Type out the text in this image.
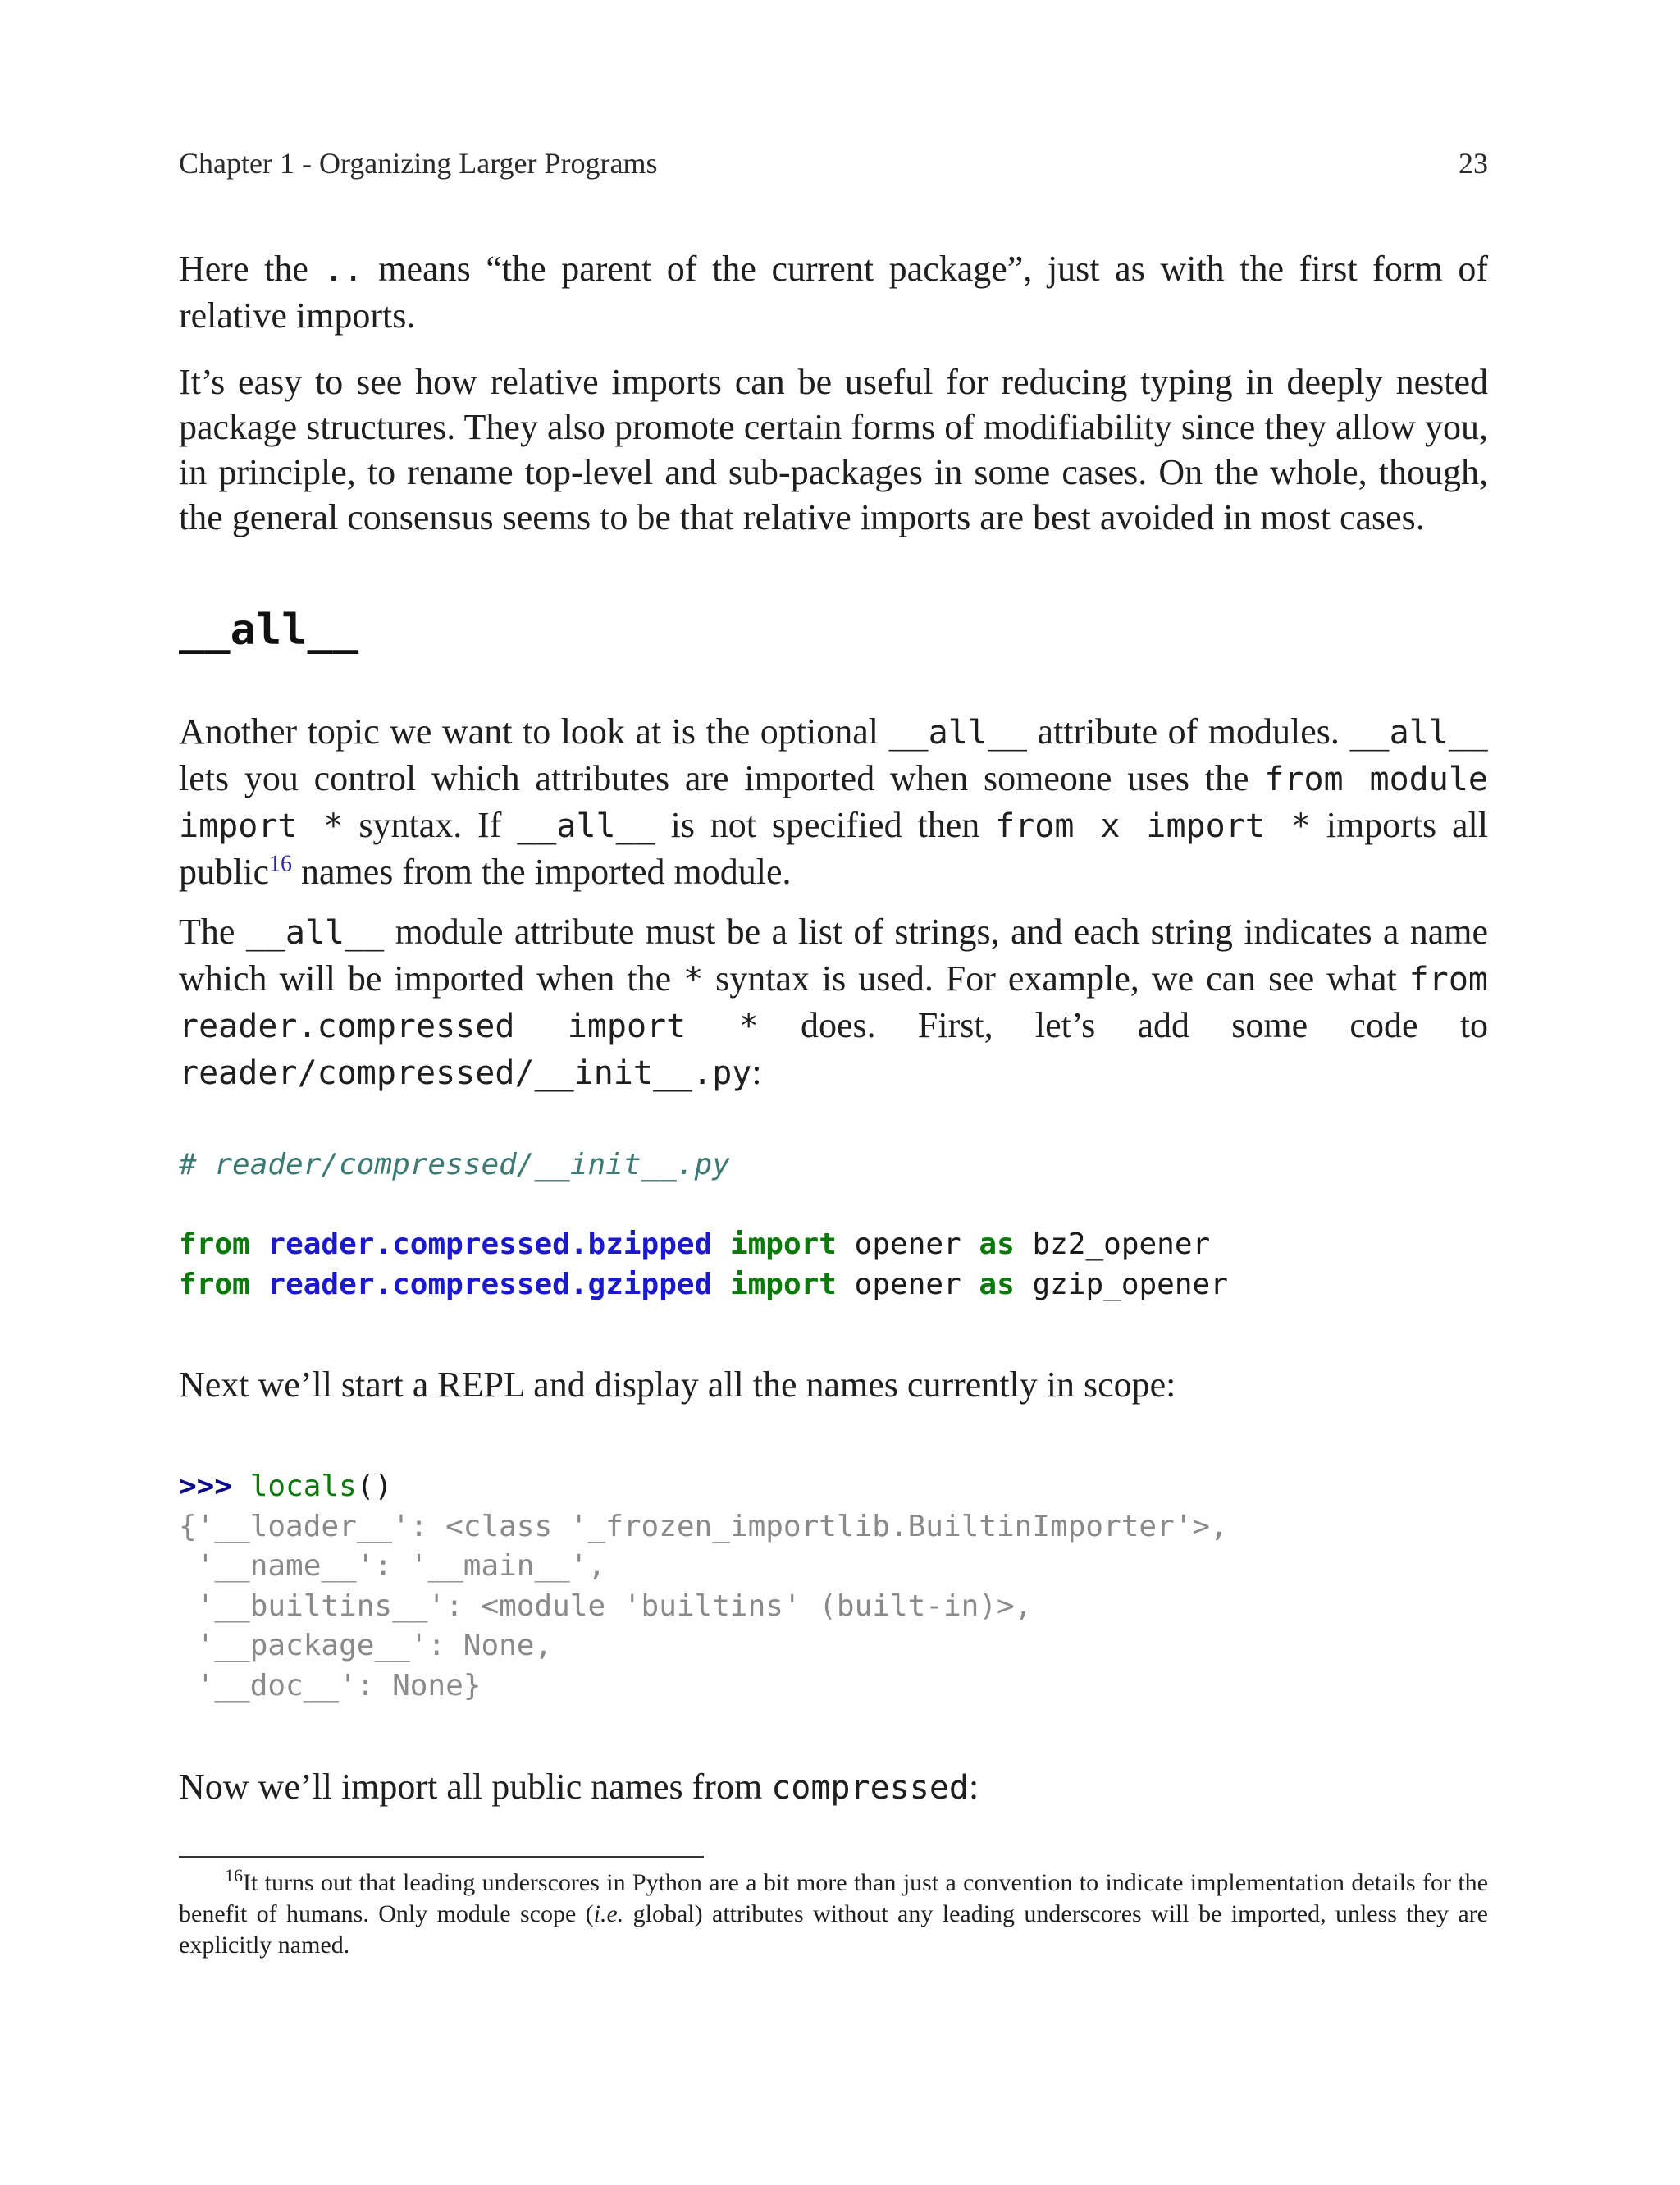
Chapter 1 - Organizing Larger Programs	23
Here the .. means “the parent of the current package”, just as with the first form of relative imports.
It’s easy to see how relative imports can be useful for reducing typing in deeply nested package structures. They also promote certain forms of modifiability since they allow you, in principle, to rename top-level and sub-packages in some cases. On the whole, though, the general consensus seems to be that relative imports are best avoided in most cases.
__all__
Another topic we want to look at is the optional __all__ attribute of modules. __all__ lets you control which attributes are imported when someone uses the from module import * syntax. If __all__ is not specified then from x import * imports all public$^{16}$ names from the imported module.
The __all__ module attribute must be a list of strings, and each string indicates a name which will be imported when the * syntax is used. For example, we can see what from reader.compressed import * does. First, let’s add some code to reader/compressed/__init__.py:
# reader/compressed/__init__.py

from reader.compressed.bzipped import opener as bz2_opener
from reader.compressed.gzipped import opener as gzip_opener
Next we’ll start a REPL and display all the names currently in scope:
>>> locals()
{'__loader__': <class '_frozen_importlib.BuiltinImporter'>,
'__name__': '__main__',
'__builtins__': <module 'builtins' (built-in)>,
'__package__': None,
'__doc__': None}
Now we’ll import all public names from compressed:
$^{16}$It turns out that leading underscores in Python are a bit more than just a convention to indicate implementation details for the benefit of humans. Only module scope (i.e. global) attributes without any leading underscores will be imported, unless they are explicitly named.
